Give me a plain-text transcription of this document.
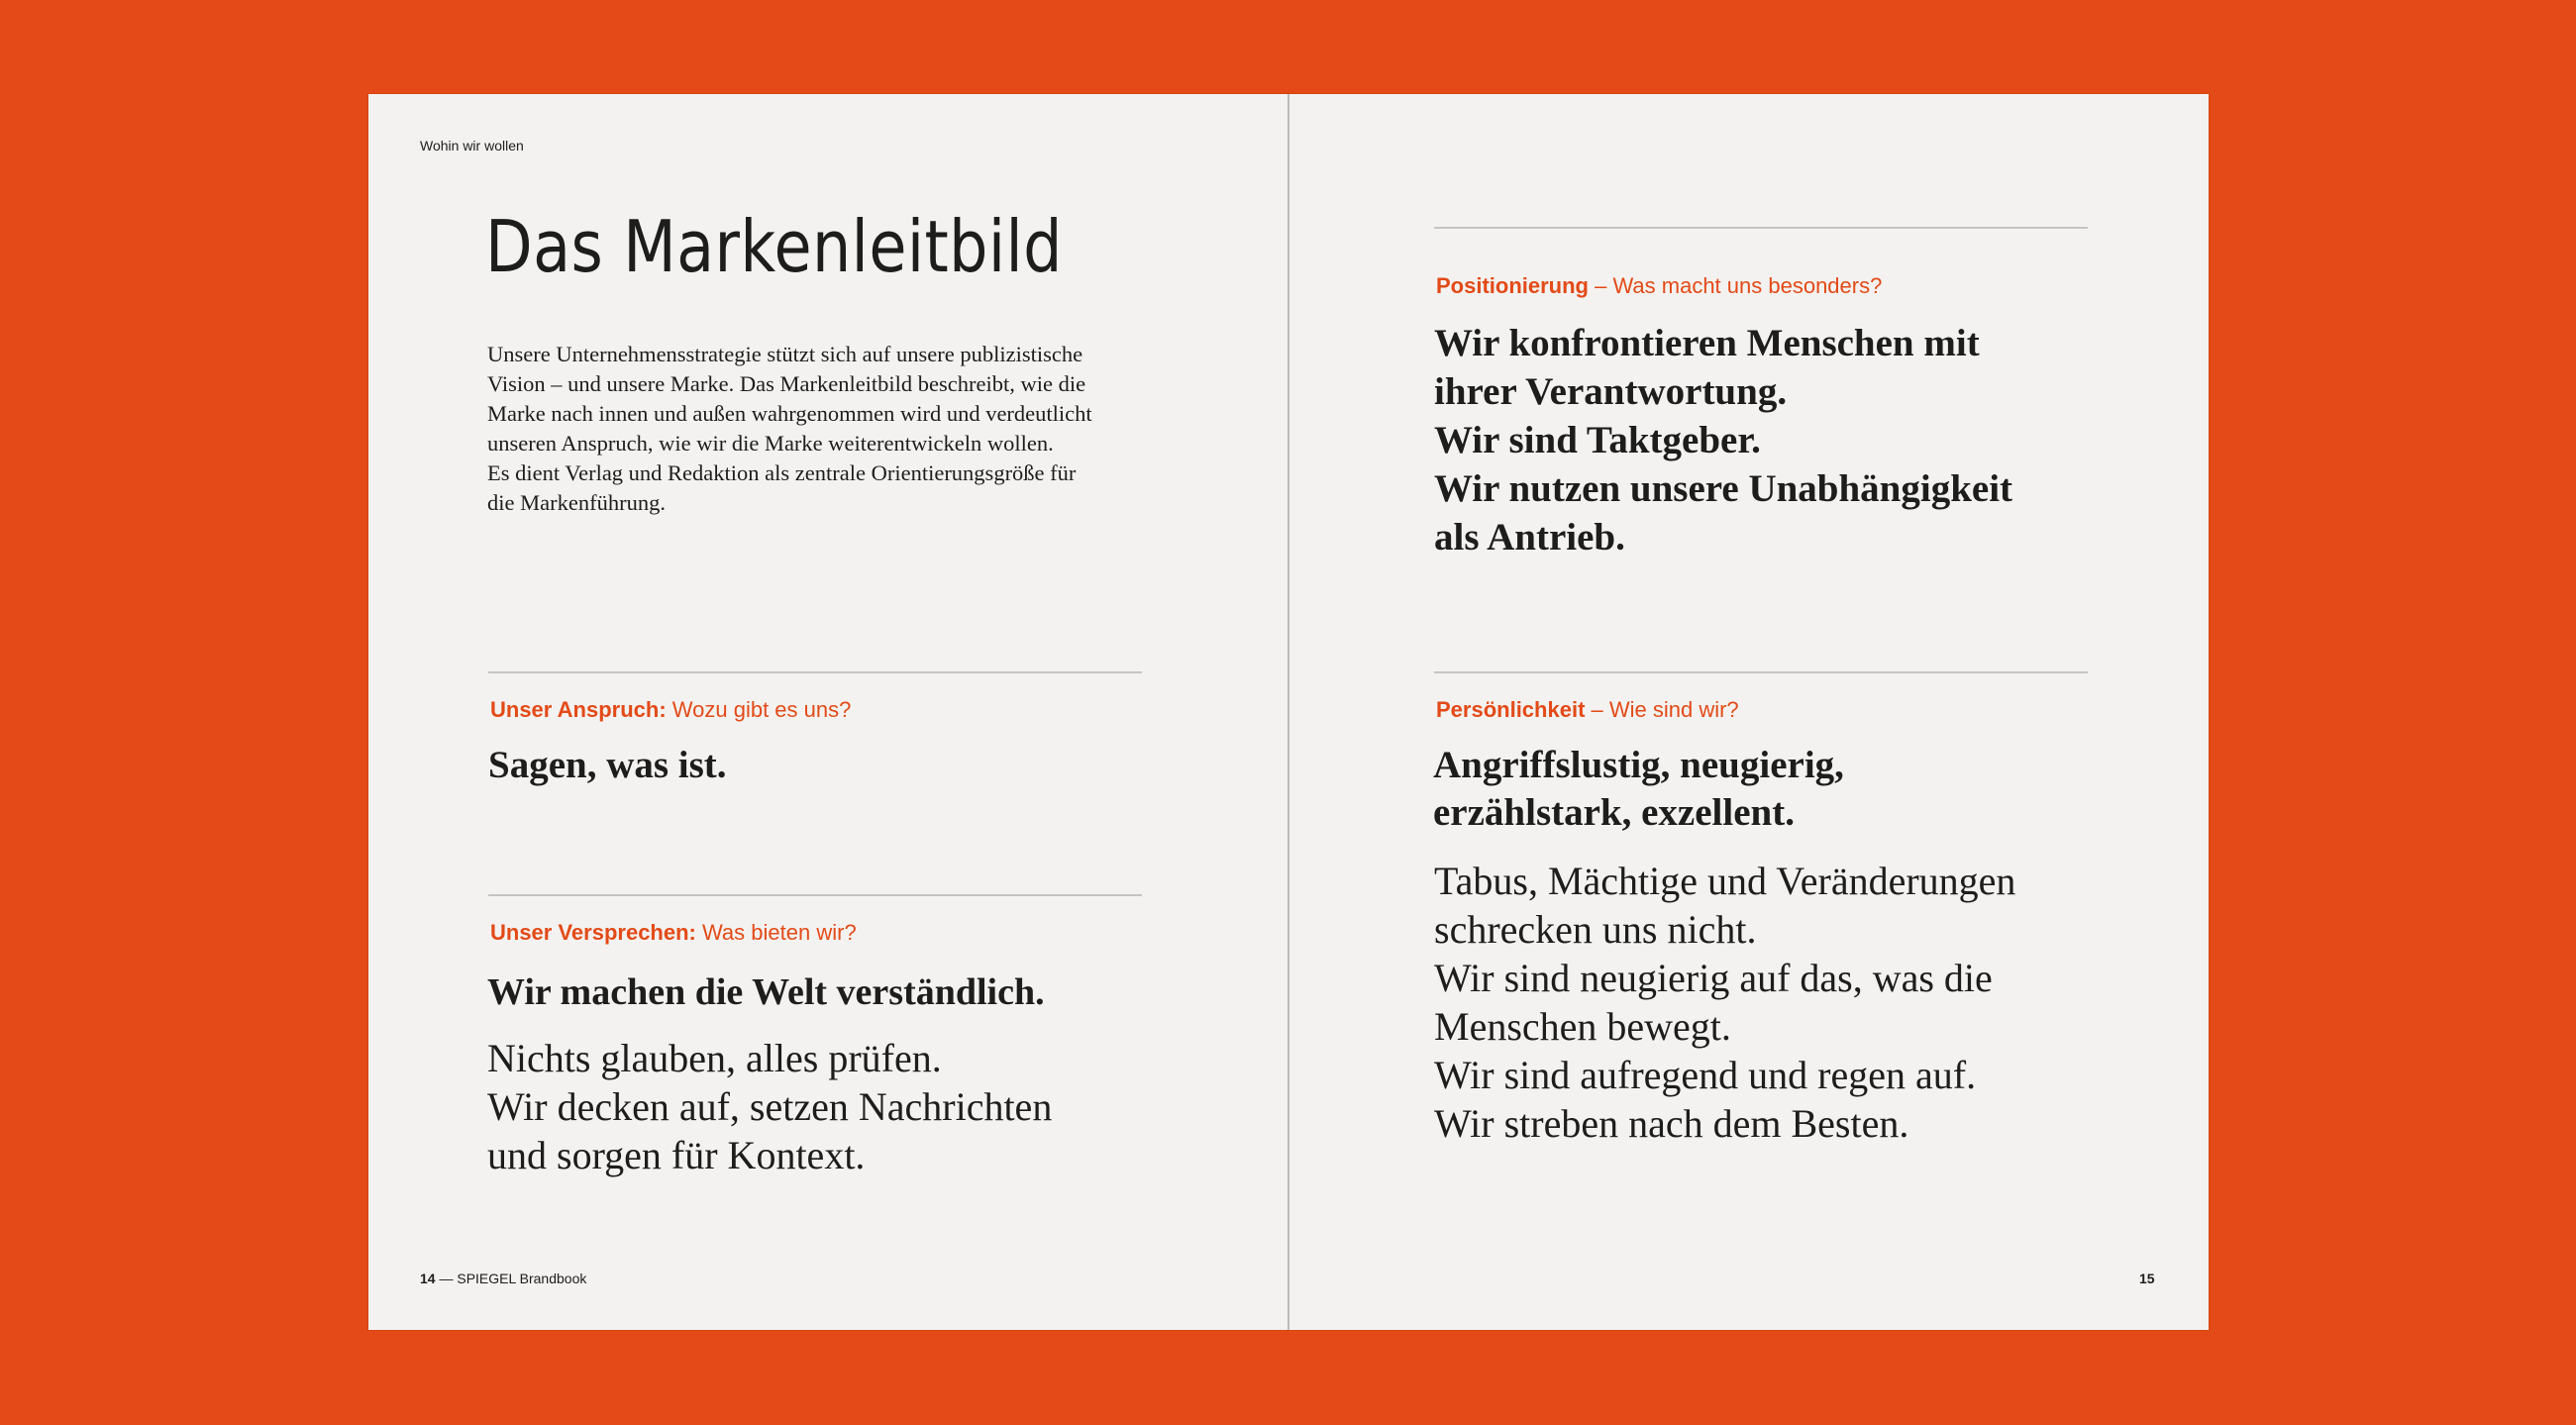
Wohin wir wollen
Das Markenleitbild
Unsere Unternehmensstrategie stützt sich auf unsere publizistische
Vision – und unsere Marke. Das Markenleitbild beschreibt, wie die
Marke nach innen und außen wahrgenommen wird und verdeutlicht
unseren Anspruch, wie wir die Marke weiterentwickeln wollen.
Es dient Verlag und Redaktion als zentrale Orientierungsgröße für
die Markenführung.
Unser Anspruch: Wozu gibt es uns?
Sagen, was ist.
Unser Versprechen: Was bieten wir?
Wir machen die Welt verständlich.
Nichts glauben, alles prüfen.
Wir decken auf, setzen Nachrichten
und sorgen für Kontext.
14 — SPIEGEL Brandbook
Positionierung – Was macht uns besonders?
Wir konfrontieren Menschen mit
ihrer Verantwortung.
Wir sind Taktgeber.
Wir nutzen unsere Unabhängigkeit
als Antrieb.
Persönlichkeit – Wie sind wir?
Angriffslustig, neugierig,
erzählstark, exzellent.
Tabus, Mächtige und Veränderungen
schrecken uns nicht.
Wir sind neugierig auf das, was die
Menschen bewegt.
Wir sind aufregend und regen auf.
Wir streben nach dem Besten.
15
